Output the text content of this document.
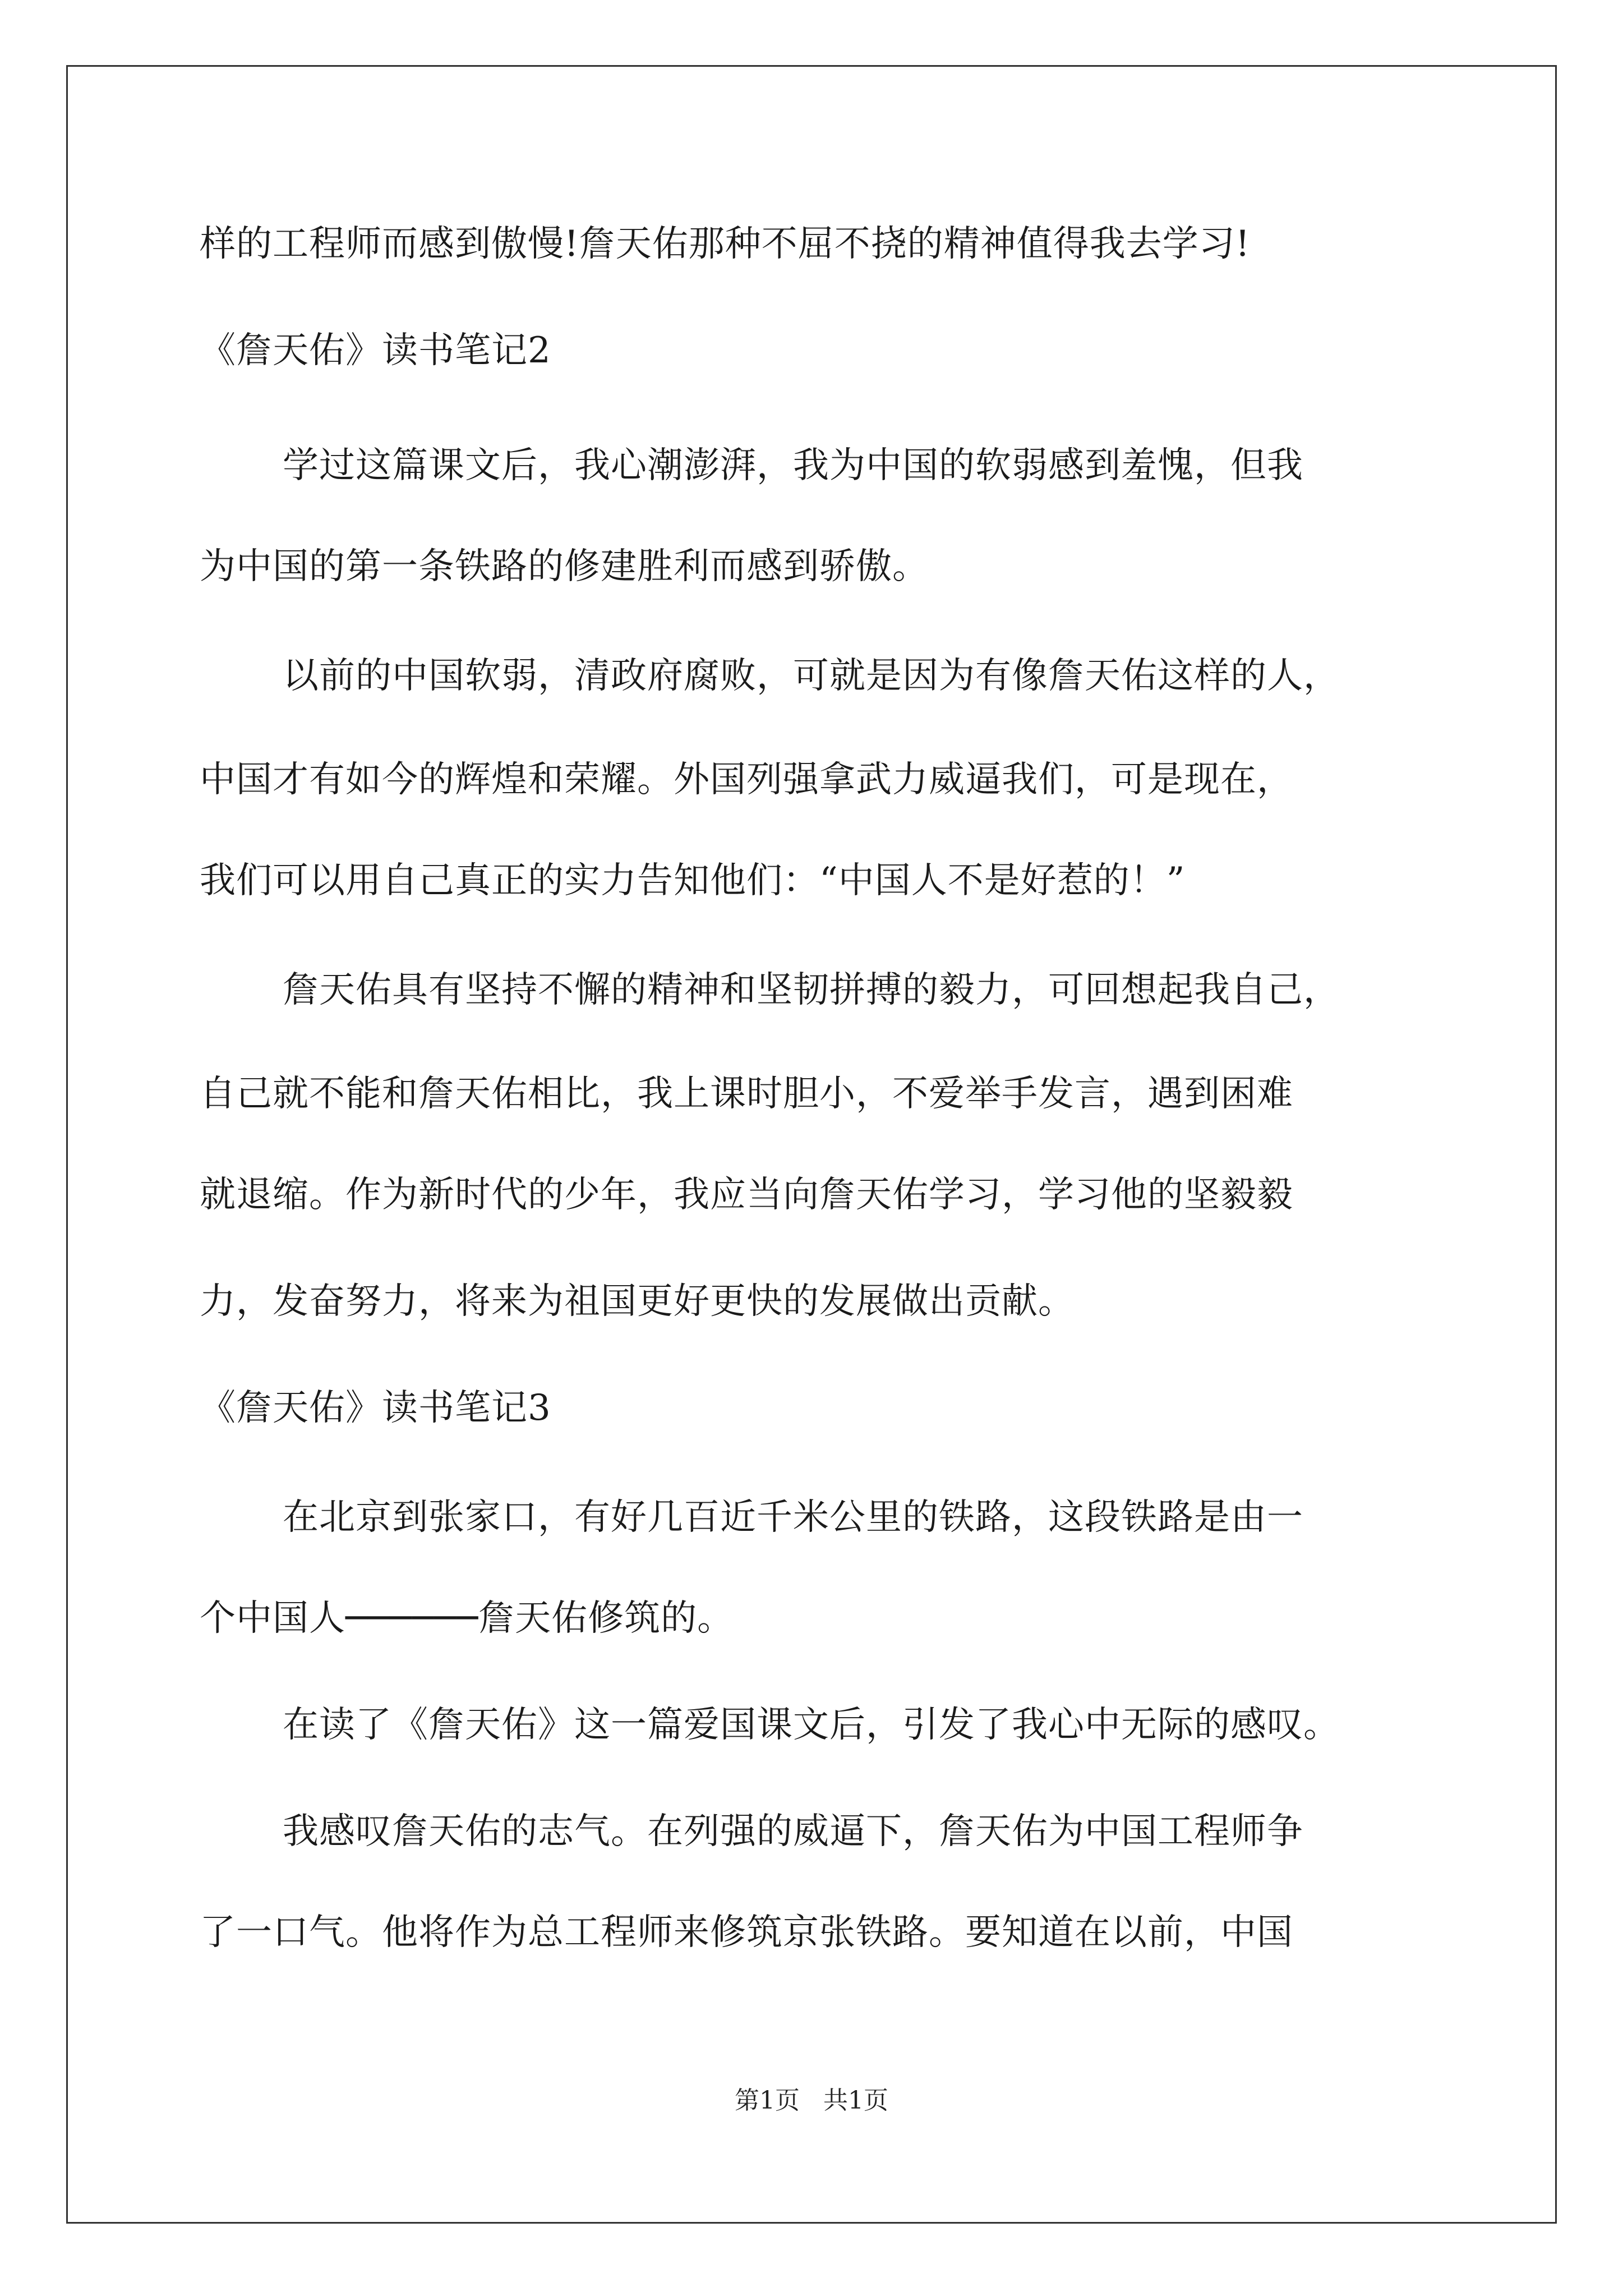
样的工程师而感到傲慢!詹天佑那种不屈不挠的精神值得我去学习!
《詹天佑》读书笔记2
学过这篇课文后，我心潮澎湃，我为中国的软弱感到羞愧，但我
为中国的第一条铁路的修建胜利而感到骄傲。
以前的中国软弱，清政府腐败，可就是因为有像詹天佑这样的人，
中国才有如今的辉煌和荣耀。外国列强拿武力威逼我们，可是现在，
我们可以用自己真正的实力告知他们：“中国人不是好惹的！”
詹天佑具有坚持不懈的精神和坚韧拼搏的毅力，可回想起我自己，
自己就不能和詹天佑相比，我上课时胆小，不爱举手发言，遇到困难
就退缩。作为新时代的少年，我应当向詹天佑学习，学习他的坚毅毅
力，发奋努力，将来为祖国更好更快的发展做出贡献。
《詹天佑》读书笔记3
在北京到张家口，有好几百近千米公里的铁路，这段铁路是由一
个中国人──────詹天佑修筑的。
在读了《詹天佑》这一篇爱国课文后，引发了我心中无际的感叹。
我感叹詹天佑的志气。在列强的威逼下，詹天佑为中国工程师争
了一口气。他将作为总工程师来修筑京张铁路。要知道在以前，中国
第1页   共1页
